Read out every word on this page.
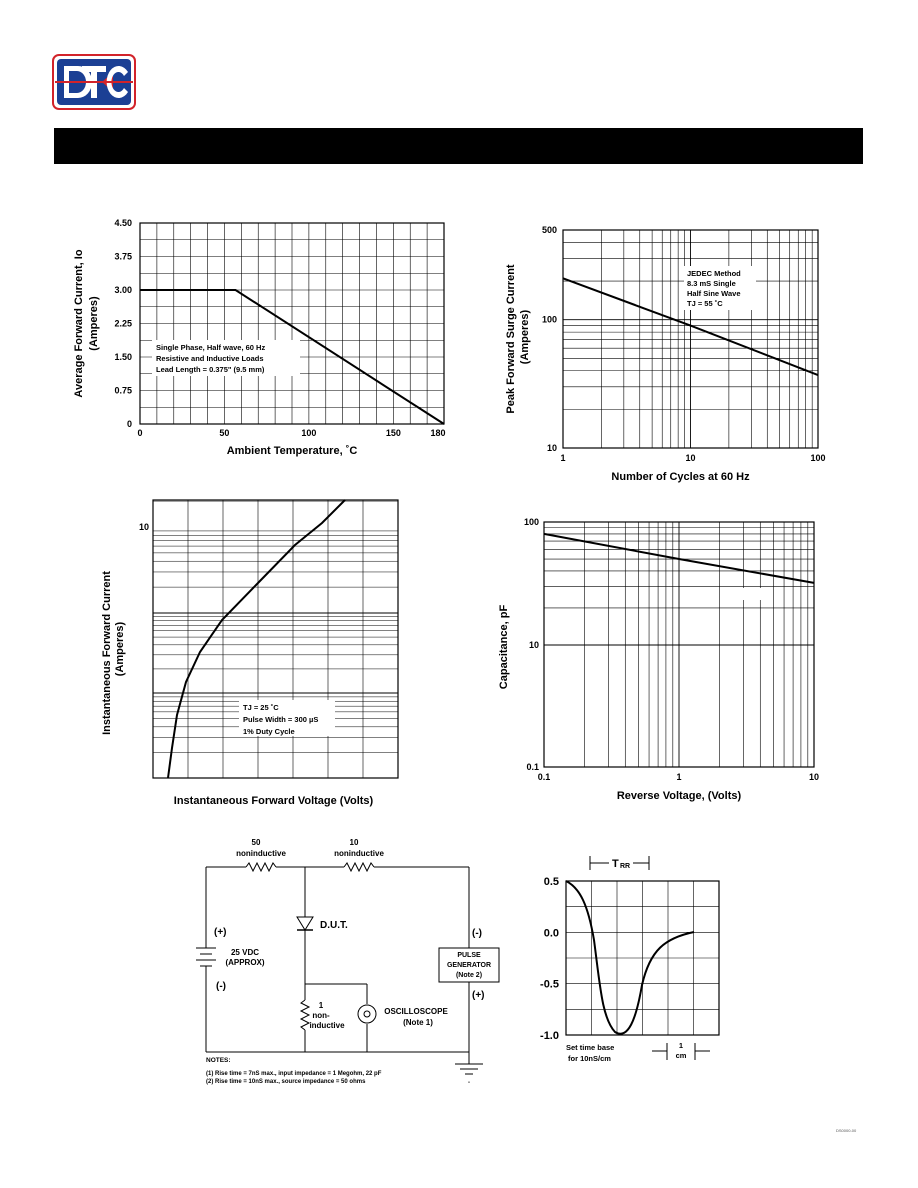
0
0.75
1.50
2.25
3.00
3.75
4.50
0	50	100	150	180
Ambient Temperature, ˚C
Average Forward Current, Io (Amperes)	Single Phase, Half wave, 60 Hz
Resistive and Inductive Loads
Lead Length = 0.375" (9.5 mm)
1	10	100
10
100
500
Number of Cycles at 60 Hz
Peak Forward Surge Current (Amperes)
JEDEC Method
8.3 mS Single
Half Sine Wave
TJ = 55 ˚C
10
Instantaneous Forward Voltage (Volts)
Instantaneous Forward Current (Amperes)
TJ = 25 ˚C
Pulse Width = 300 µS
1% Duty Cycle
0.1	1	10
0.1
10
100
Reverse Voltage, (Volts)
Capacitance, pF
0.5
0.0
-0.5
-1.0
T RR
Set time base
for 10nS/cm
1
cm
50
noninductive
10
noninductive
D.U.T.
(+)
(-)
25 VDC
(APPROX)
(-)
(+)
PULSE
GENERATOR
(Note 2)
1
non-
inductive
OSCILLOSCOPE
(Note 1)
NOTES:
(1) Rise time = 7nS max., input impedance = 1 Megohm, 22 pF
(2) Rise time = 10nS max., source impedance = 50 ohms	-
DS0000-00
